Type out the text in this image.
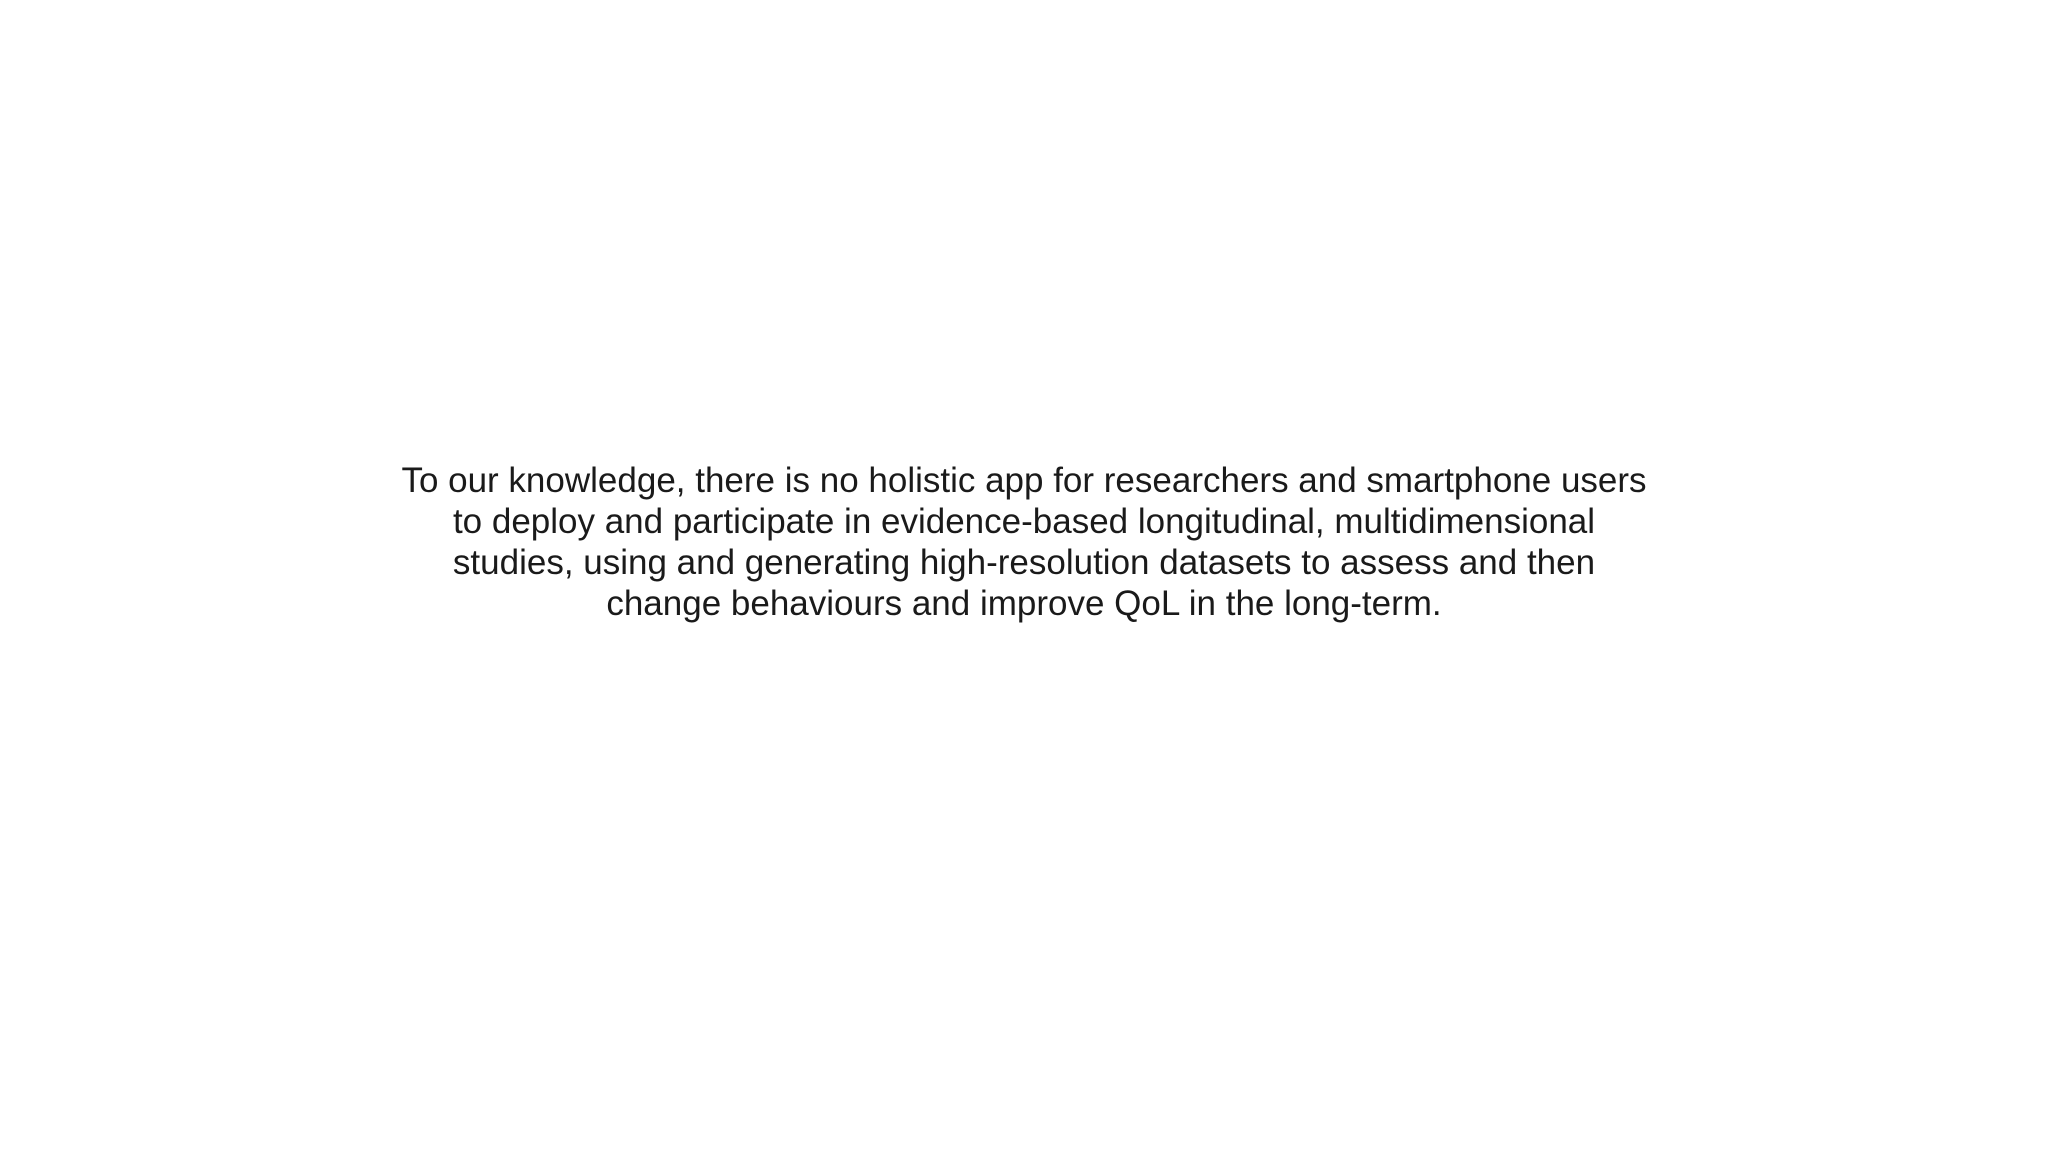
To our knowledge, there is no holistic app for researchers and smartphone users
to deploy and participate in evidence-based longitudinal, multidimensional
studies, using and generating high-resolution datasets to assess and then
change behaviours and improve QoL in the long-term.
